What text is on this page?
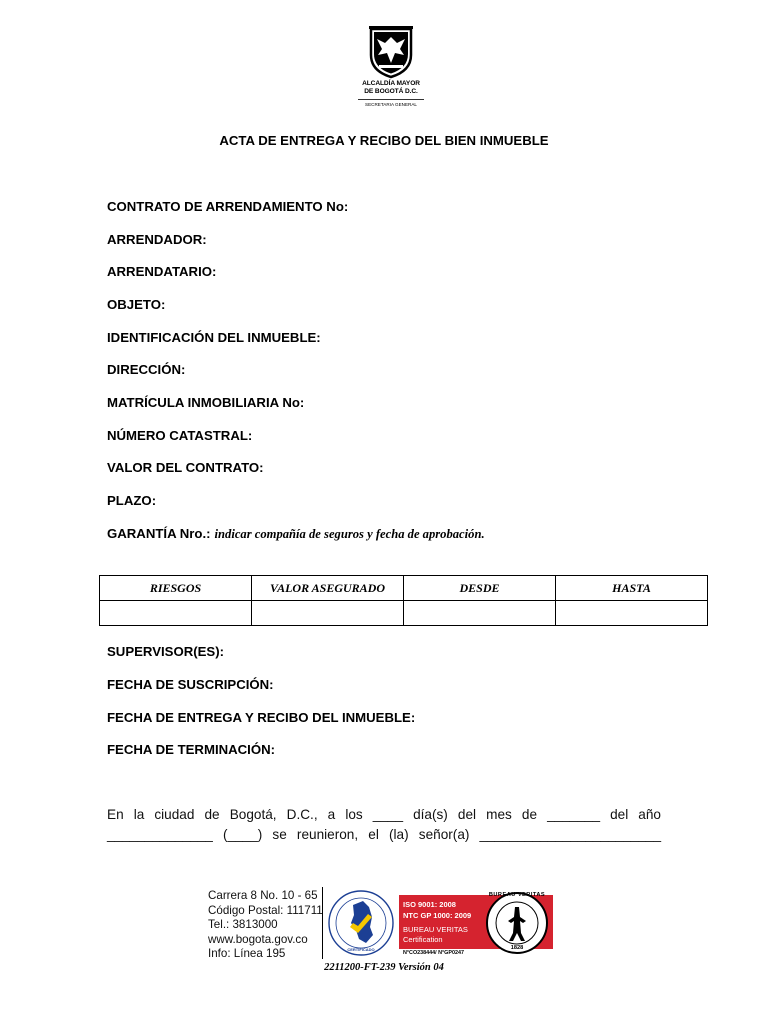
ALCALDÍA MAYOR
DE BOGOTÁ D.C.
SECRETARIA GENERAL
ACTA DE ENTREGA Y RECIBO DEL BIEN INMUEBLE
CONTRATO DE ARRENDAMIENTO No:
ARRENDADOR:
ARRENDATARIO:
OBJETO:
IDENTIFICACIÓN DEL INMUEBLE:
DIRECCIÓN:
MATRÍCULA INMOBILIARIA No:
NÚMERO CATASTRAL:
VALOR DEL CONTRATO:
PLAZO:
GARANTÍA Nro.: indicar compañía de seguros y fecha de aprobación.
RIESGOS	VALOR ASEGURADO	DESDE	HASTA

SUPERVISOR(ES):
FECHA DE SUSCRIPCIÓN:
FECHA DE ENTREGA Y RECIBO DEL INMUEBLE:
FECHA DE TERMINACIÓN:
En la ciudad de Bogotá, D.C., a los ____ día(s) del mes de _______ del año
______________ (____) se reunieron, el (la) señor(a) ________________________
Carrera 8 No. 10 - 65
Código Postal: 111711
Tel.: 3813000
www.bogota.gov.co
Info: Línea 195	CERTIFICADO
ISO 9001: 2008
NTC GP 1000: 2009
BUREAU VERITAS
Certification
N°CO238444/ N°GP0247
BUREAU VERITAS
1828
2211200-FT-239 Versión 04
